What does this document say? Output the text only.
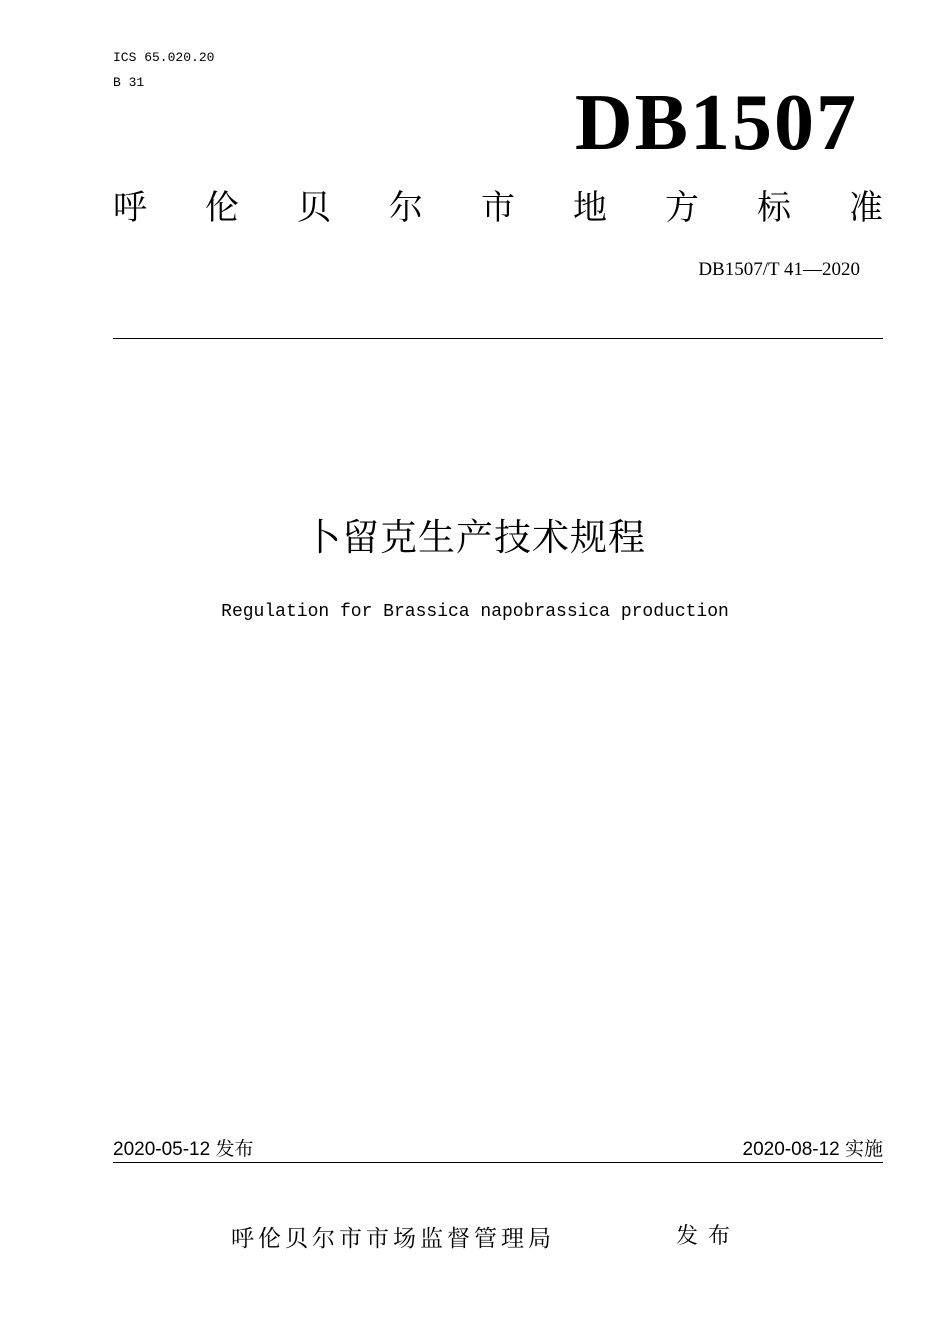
ICS 65.020.20
B 31	DB1507
呼 伦 贝 尔 市 地 方 标 准
DB1507/T 41—2020
卜留克生产技术规程
Regulation for Brassica napobrassica production
2020-05-12 发布	2020-08-12 实施
呼伦贝尔市市场监督管理局	发布
